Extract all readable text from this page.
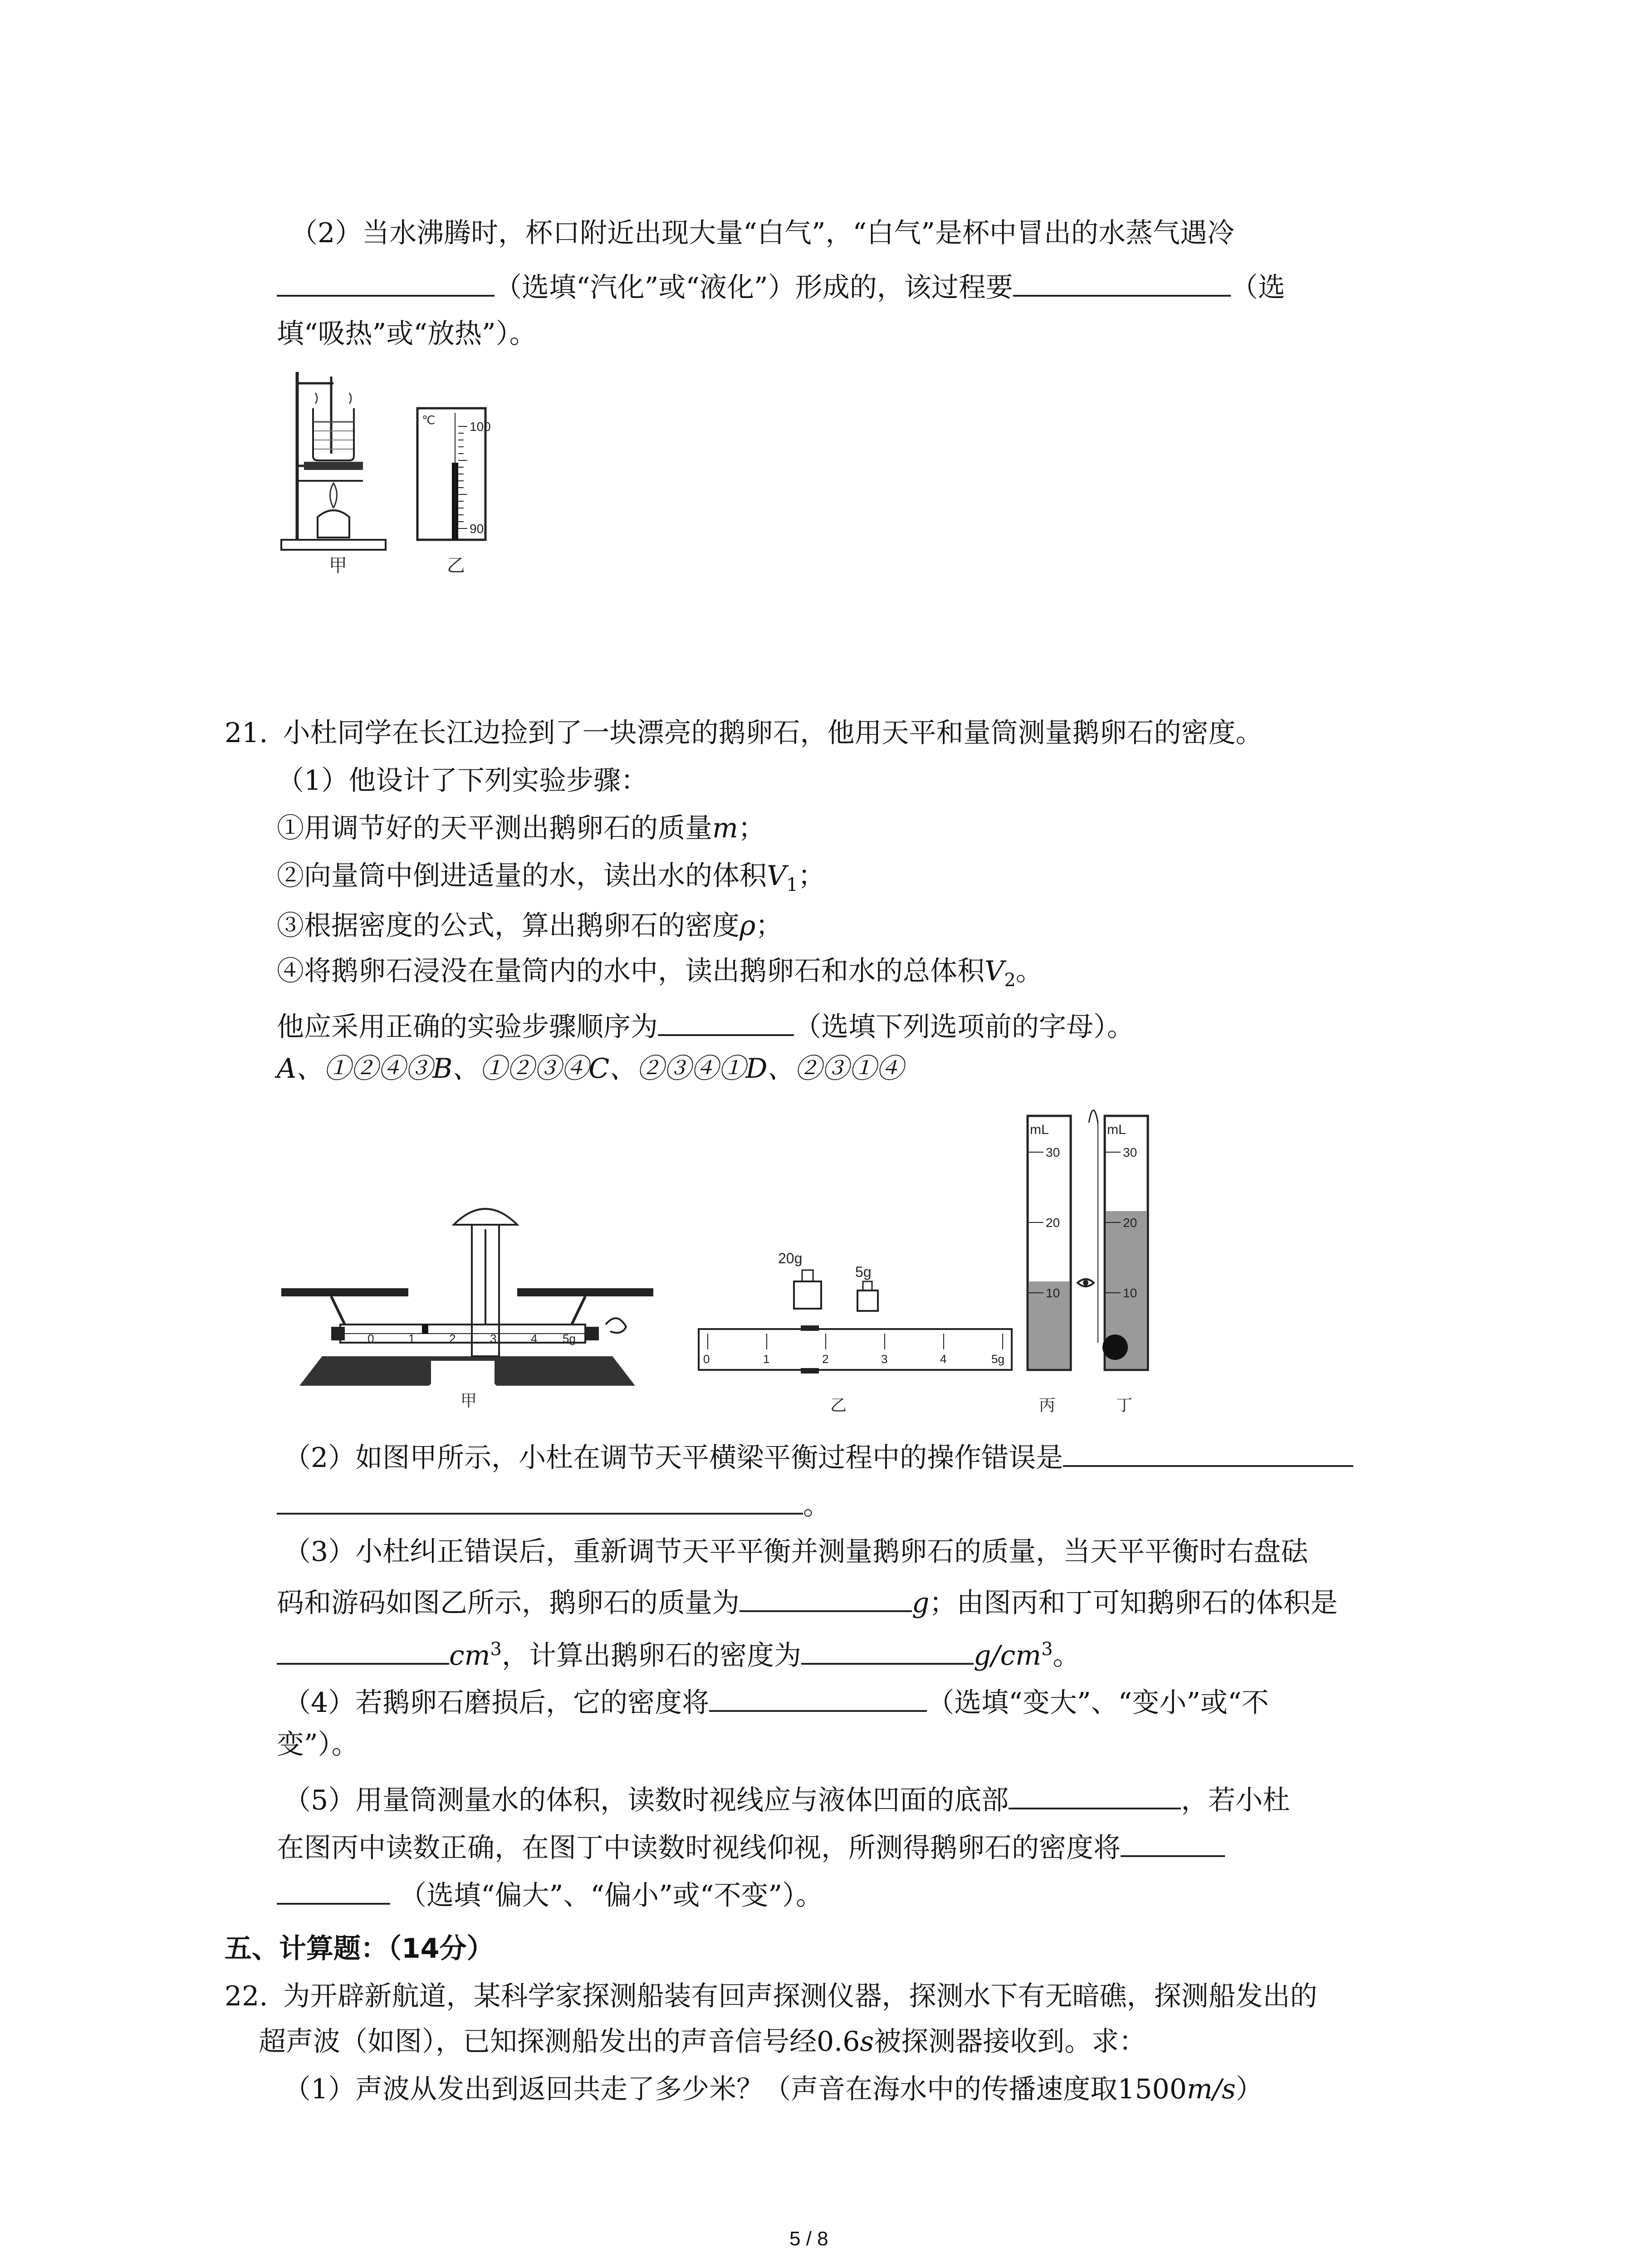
（2）当水沸腾时，杯口附近出现大量“白气”，“白气”是杯中冒出的水蒸气遇冷
（选填“汽化”或“液化”）形成的，该过程要	（选
填“吸热”或“放热”）。
甲
℃	100
90
乙
21. 小杜同学在长江边捡到了一块漂亮的鹅卵石，他用天平和量筒测量鹅卵石的密度。
（1）他设计了下列实验步骤：
①用调节好的天平测出鹅卵石的质量m；
②向量筒中倒进适量的水，读出水的体积$V_1$；
③根据密度的公式，算出鹅卵石的密度ρ；
④将鹅卵石浸没在量筒内的水中，读出鹅卵石和水的总体积$V_2$。
他应采用正确的实验步骤顺序为	（选填下列选项前的字母）。
A、①②④③B、①②③④C、②③④①D、②③①④
0	1	2	3	4 5g
甲
20g
5g
0	1	2	3	4	5g
乙
mL
30
20
10
丙
mL
30
20
10
丁
（2）如图甲所示，小杜在调节天平横梁平衡过程中的操作错误是
。
（3）小杜纠正错误后，重新调节天平平衡并测量鹅卵石的质量，当天平平衡时右盘砝
码和游码如图乙所示，鹅卵石的质量为	g；由图丙和丁可知鹅卵石的体积是
$cm^3$，计算出鹅卵石的密度为	$g/cm^3$。
（4）若鹅卵石磨损后，它的密度将	（选填“变大”、“变小”或“不
变”）。
（5）用量筒测量水的体积，读数时视线应与液体凹面的底部	，若小杜
在图丙中读数正确，在图丁中读数时视线仰视，所测得鹅卵石的密度将
（选填“偏大”、“偏小”或“不变”）。
五、计算题：（14分）
22. 为开辟新航道，某科学家探测船装有回声探测仪器，探测水下有无暗礁，探测船发出的
超声波（如图），已知探测船发出的声音信号经0.6s被探测器接收到。求：
（1）声波从发出到返回共走了多少米？（声音在海水中的传播速度取1500m/s）
5 / 8
